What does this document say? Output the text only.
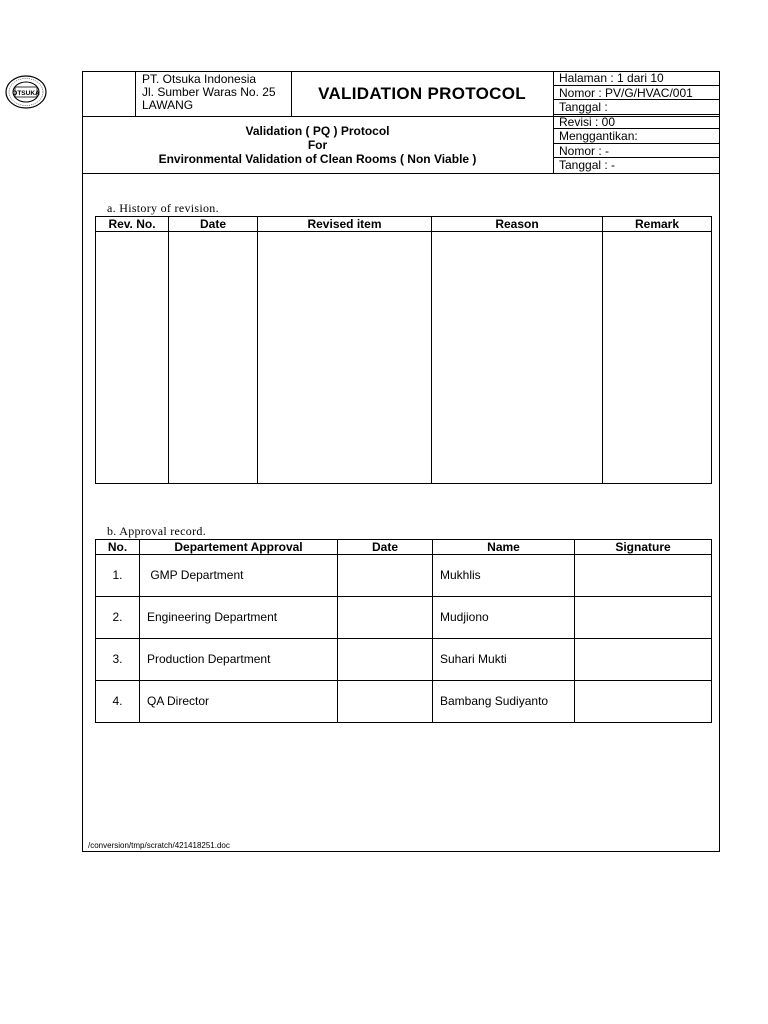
OTSUKA
PT. Otsuka Indonesia
Jl. Sumber Waras No. 25
LAWANG
VALIDATION PROTOCOL
Halaman : 1 dari 10
Nomor : PV/G/HVAC/001
Tanggal :
Revisi : 00
Menggantikan:
Nomor : -
Tanggal : -
Validation ( PQ ) Protocol
For
Environmental Validation of Clean Rooms ( Non Viable )
a. History of revision.
Rev. No.	Date	Revised item	Reason	Remark

b. Approval record.
No.	Departement Approval	Date	Name	Signature
1.	GMP Department		Mukhlis	
2.	Engineering Department		Mudjiono	
3.	Production Department		Suhari Mukti	
4.	QA Director		Bambang Sudiyanto	
/conversion/tmp/scratch/421418251.doc
